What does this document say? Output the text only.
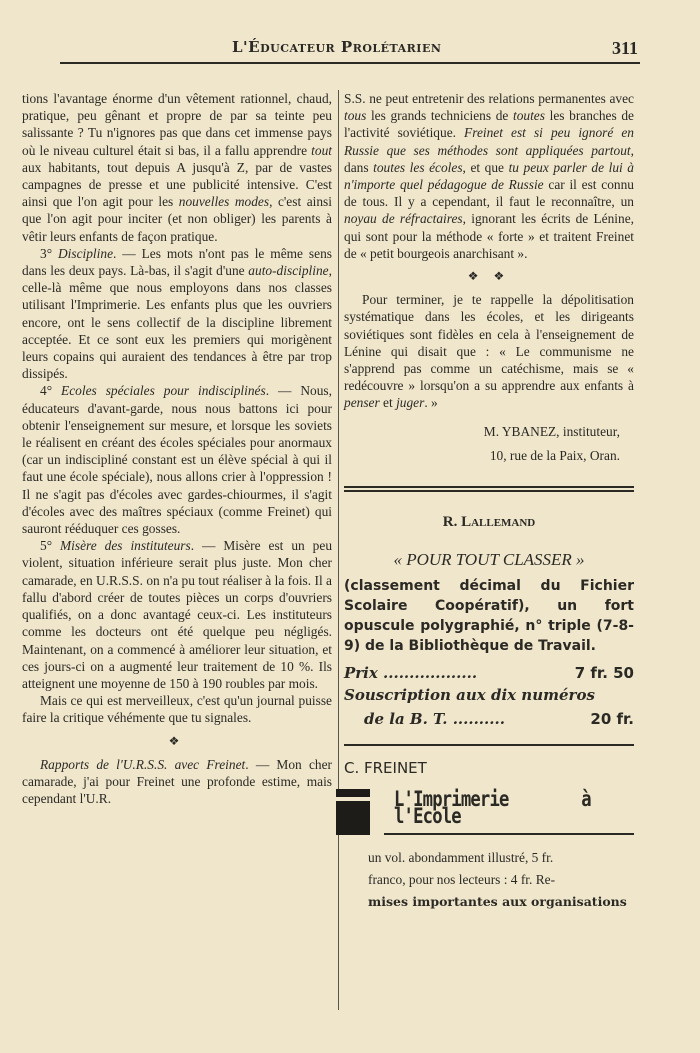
L'Éducateur Prolétarien	311

tions l'avantage énorme d'un vêtement rationnel, chaud, pratique, peu gênant et propre de par sa teinte peu salissante ? Tu n'ignores pas que dans cet immense pays où le niveau culturel était si bas, il a fallu apprendre tout aux habitants, tout depuis A jusqu'à Z, par de vastes campagnes de presse et une publicité intensive. C'est ainsi que l'on agit pour les nouvelles modes, c'est ainsi que l'on agit pour inciter (et non obliger) les parents à vêtir leurs enfants de façon pratique.

3° Discipline. — Les mots n'ont pas le même sens dans les deux pays. Là-bas, il s'agit d'une auto-discipline, celle-là même que nous employons dans nos classes utilisant l'Imprimerie. Les enfants plus que les ouvriers encore, ont le sens collectif de la discipline librement acceptée. Et ce sont eux les premiers qui morigènent leurs copains qui auraient des tendances à être par trop dissipés.

4° Ecoles spéciales pour indisciplinés. — Nous, éducateurs d'avant-garde, nous nous battons ici pour obtenir l'enseignement sur mesure, et lorsque les soviets le réalisent en créant des écoles spéciales pour anormaux (car un indiscipliné constant est un élève spécial à qui il faut une école spéciale), nous allons crier à l'oppression ! Il ne s'agit pas d'écoles avec gardes-chiourmes, il s'agit d'écoles avec des maîtres spéciaux (comme Freinet) qui sauront rééduquer ces gosses.

5° Misère des instituteurs. — Misère est un peu violent, situation inférieure serait plus juste. Mon cher camarade, en U.R.S.S. on n'a pu tout réaliser à la fois. Il a fallu d'abord créer de toutes pièces un corps d'ouvriers qualifiés, on a donc avantagé ceux-ci. Les instituteurs comme les docteurs ont été quelque peu négligés. Maintenant, on a commencé à améliorer leur situation, et ces jours-ci on a augmenté leur traitement de 10 %. Ils atteignent une moyenne de 150 à 190 roubles par mois.

Mais ce qui est merveilleux, c'est qu'un journal puisse faire la critique véhémente que tu signales.

❖

Rapports de l'U.R.S.S. avec Freinet. — Mon cher camarade, j'ai pour Freinet une profonde estime, mais cependant l'U.R.

S.S. ne peut entretenir des relations permanentes avec tous les grands techniciens de toutes les branches de l'activité soviétique. Freinet est si peu ignoré en Russie que ses méthodes sont appliquées partout, dans toutes les écoles, et que tu peux parler de lui à n'importe quel pédagogue de Russie car il est connu de tous. Il y a cependant, il faut le reconnaître, un noyau de réfractaires, ignorant les écrits de Lénine, qui sont pour la méthode « forte » et traitent Freinet de « petit bourgeois anarchisant ».

❖ ❖

Pour terminer, je te rappelle la dépolitisation systématique dans les écoles, et les dirigeants soviétiques sont fidèles en cela à l'enseignement de Lénine qui disait que : « Le communisme ne s'apprend pas comme un catéchisme, mais se « redécouvre » lorsqu'on a su apprendre aux enfants à penser et juger. »

M. YBANEZ, instituteur,
10, rue de la Paix, Oran.
R. Lallemand
« POUR TOUT CLASSER »
(classement décimal du Fichier Scolaire Coopératif), un fort opuscule polygraphié, n° triple (7-8-9) de la Bibliothèque de Travail.
Prix ..................	7 fr. 50
Souscription aux dix numéros
de la B. T. ..........	20 fr.
C. FREINET
L'Imprimerie à l'Ecole
un vol. abondamment illustré, 5 fr.
franco, pour nos lecteurs : 4 fr. Re-
mises importantes aux organisations
